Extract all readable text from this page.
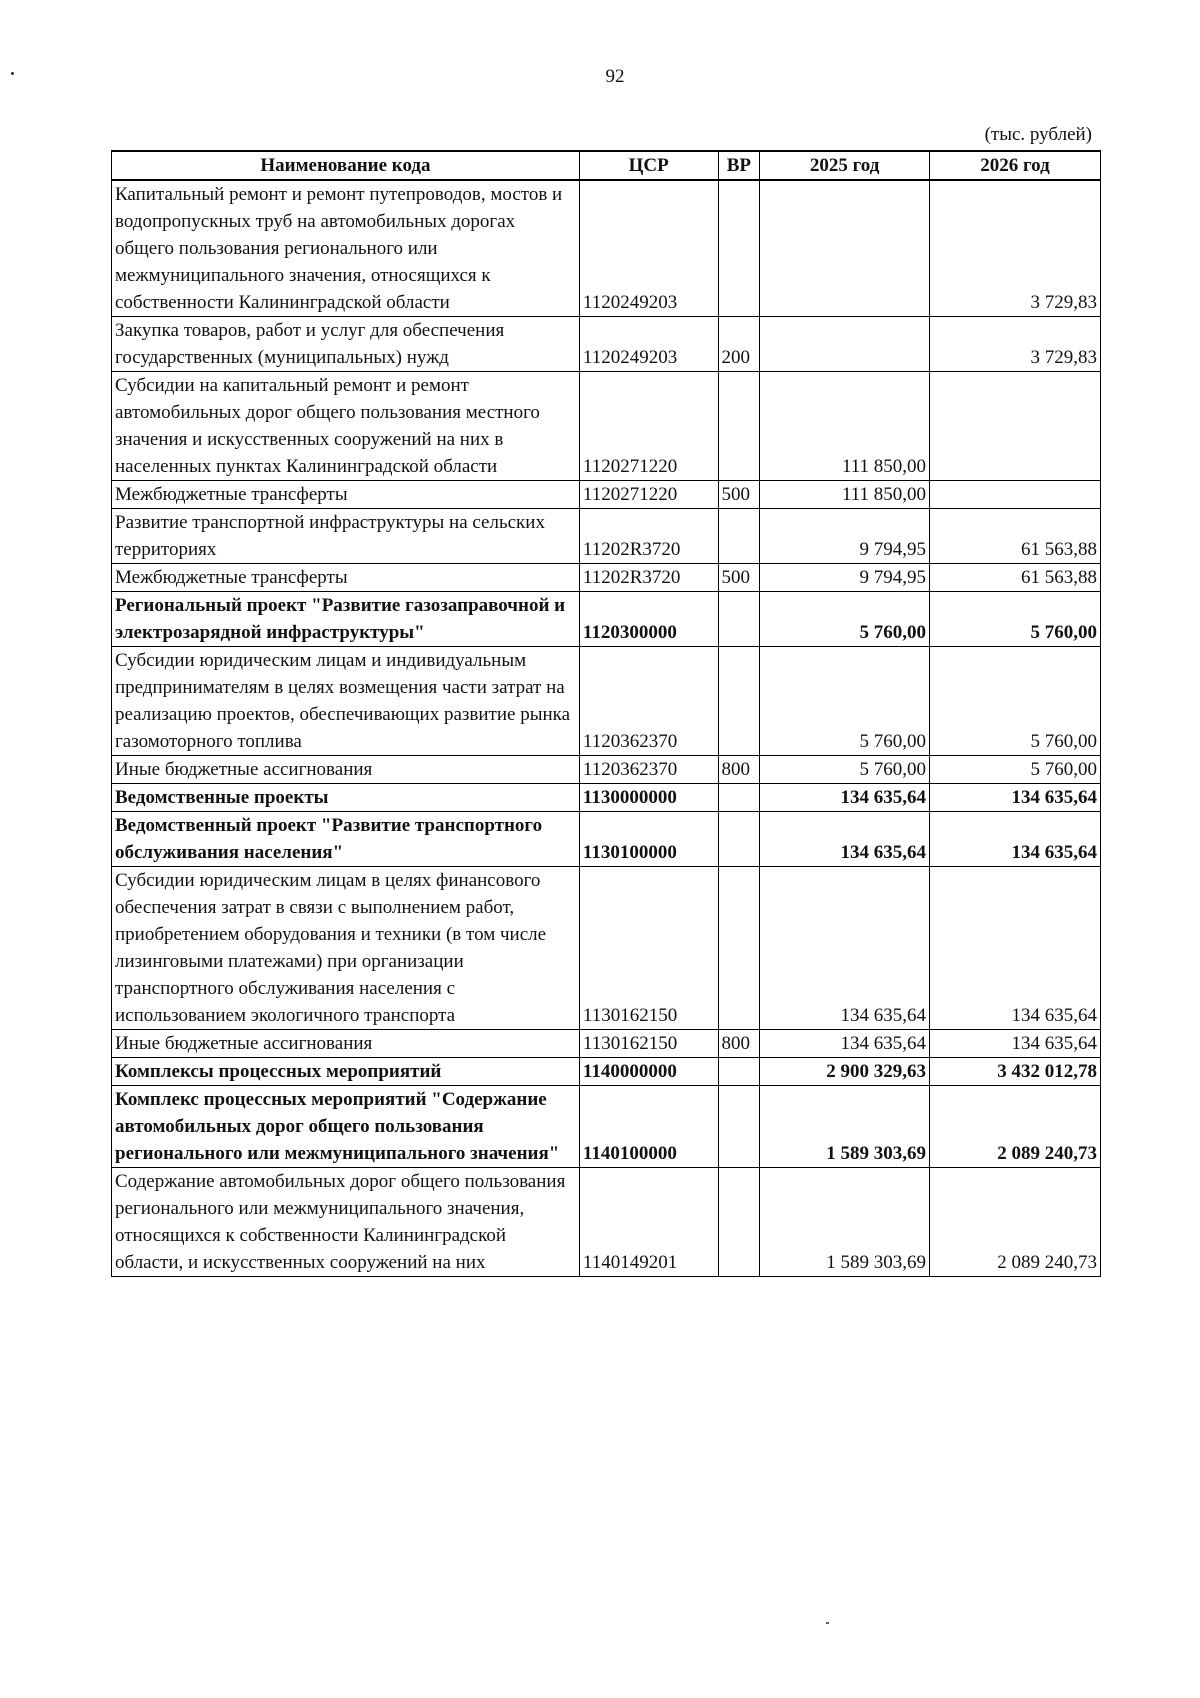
92
(тыс. рублей)
Наименование кода	ЦСР	ВР	2025 год	2026 год
Капитальный ремонт и ремонт путепроводов, мостов и водопропускных труб на автомобильных дорогах общего пользования регионального или межмуниципального значения, относящихся к собственности Калининградской области	1120249203			3 729,83
Закупка товаров, работ и услуг для обеспечения государственных (муниципальных) нужд	1120249203	200		3 729,83
Субсидии на капитальный ремонт и ремонт автомобильных дорог общего пользования местного значения и искусственных сооружений на них в населенных пунктах Калининградской области	1120271220		111 850,00	
Межбюджетные трансферты	1120271220	500	111 850,00	
Развитие транспортной инфраструктуры на сельских территориях	11202R3720		9 794,95	61 563,88
Межбюджетные трансферты	11202R3720	500	9 794,95	61 563,88
Региональный проект "Развитие газозаправочной и электрозарядной инфраструктуры"	1120300000		5 760,00	5 760,00
Субсидии юридическим лицам и индивидуальным предпринимателям в целях возмещения части затрат на реализацию проектов, обеспечивающих развитие рынка газомоторного топлива	1120362370		5 760,00	5 760,00
Иные бюджетные ассигнования	1120362370	800	5 760,00	5 760,00
Ведомственные проекты	1130000000		134 635,64	134 635,64
Ведомственный проект "Развитие транспортного обслуживания населения"	1130100000		134 635,64	134 635,64
Субсидии юридическим лицам в целях финансового обеспечения затрат в связи с выполнением работ, приобретением оборудования и техники (в том числе лизинговыми платежами) при организации транспортного обслуживания населения с использованием экологичного транспорта	1130162150		134 635,64	134 635,64
Иные бюджетные ассигнования	1130162150	800	134 635,64	134 635,64
Комплексы процессных мероприятий	1140000000		2 900 329,63	3 432 012,78
Комплекс процессных мероприятий "Содержание автомобильных дорог общего пользования регионального или межмуниципального значения"	1140100000		1 589 303,69	2 089 240,73
Содержание автомобильных дорог общего пользования регионального или межмуниципального значения, относящихся к собственности Калининградской области, и искусственных сооружений на них	1140149201		1 589 303,69	2 089 240,73
